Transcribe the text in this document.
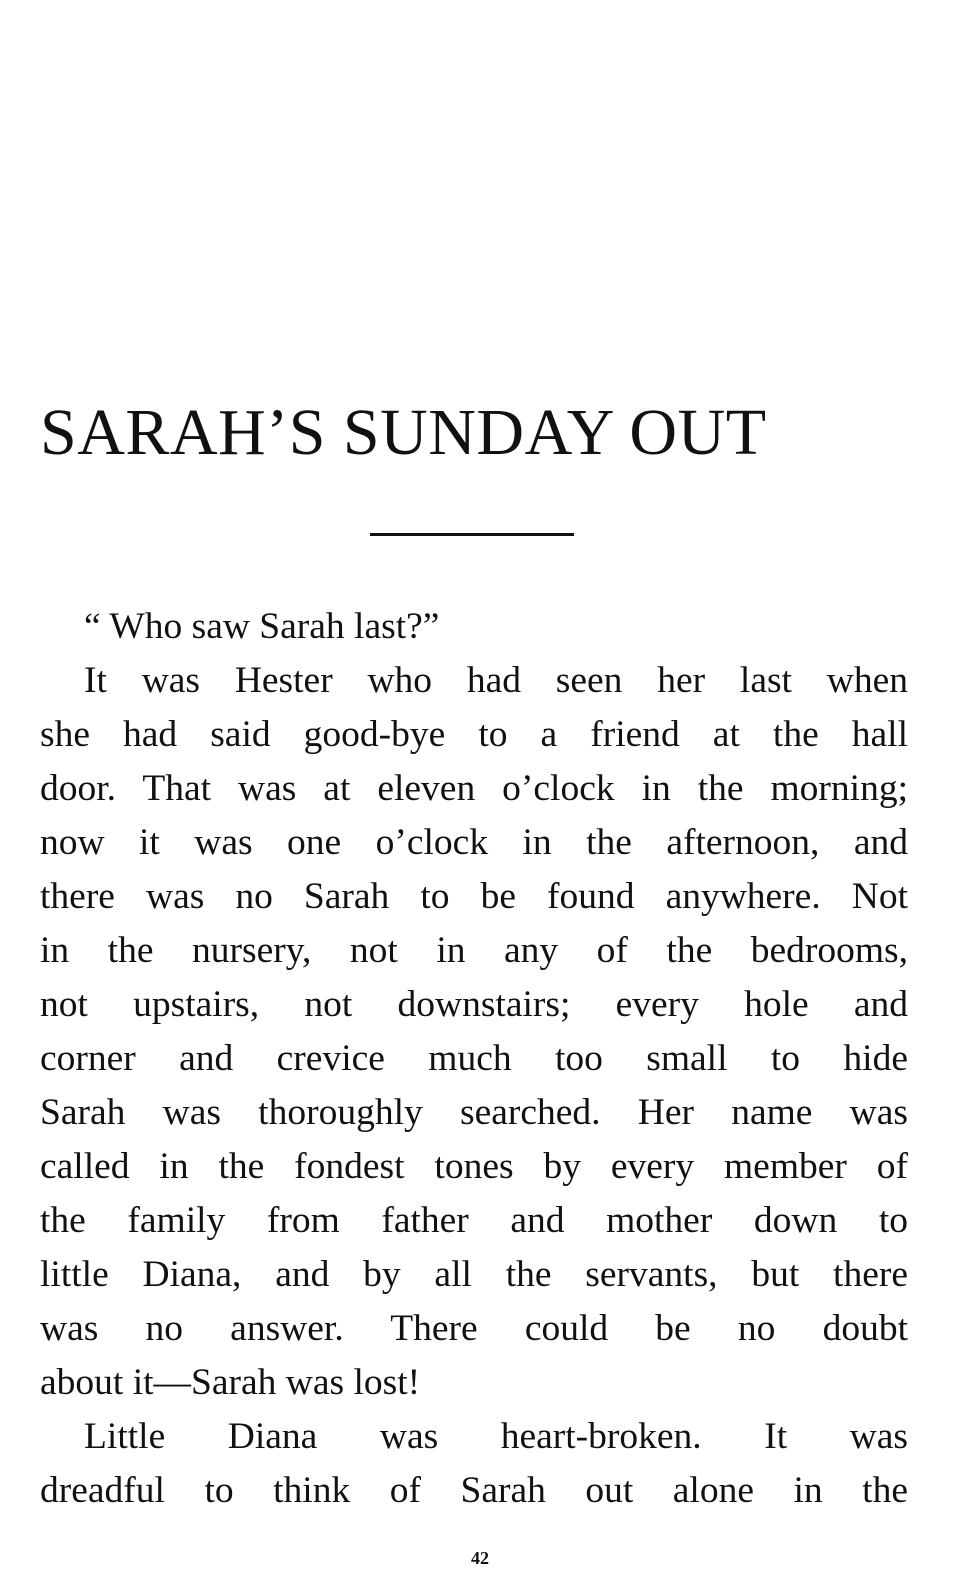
SARAH’S SUNDAY OUT
“ Who saw Sarah last?”
It was Hester who had seen her last when
she had said good-bye to a friend at the hall
door. That was at eleven o’clock in the morning;
now it was one o’clock in the afternoon, and
there was no Sarah to be found anywhere. Not
in the nursery, not in any of the bedrooms,
not upstairs, not downstairs; every hole and
corner and crevice much too small to hide
Sarah was thoroughly searched. Her name was
called in the fondest tones by every member of
the family from father and mother down to
little Diana, and by all the servants, but there
was no answer. There could be no doubt
about it—Sarah was lost!
Little Diana was heart-broken. It was
dreadful to think of Sarah out alone in the
42
